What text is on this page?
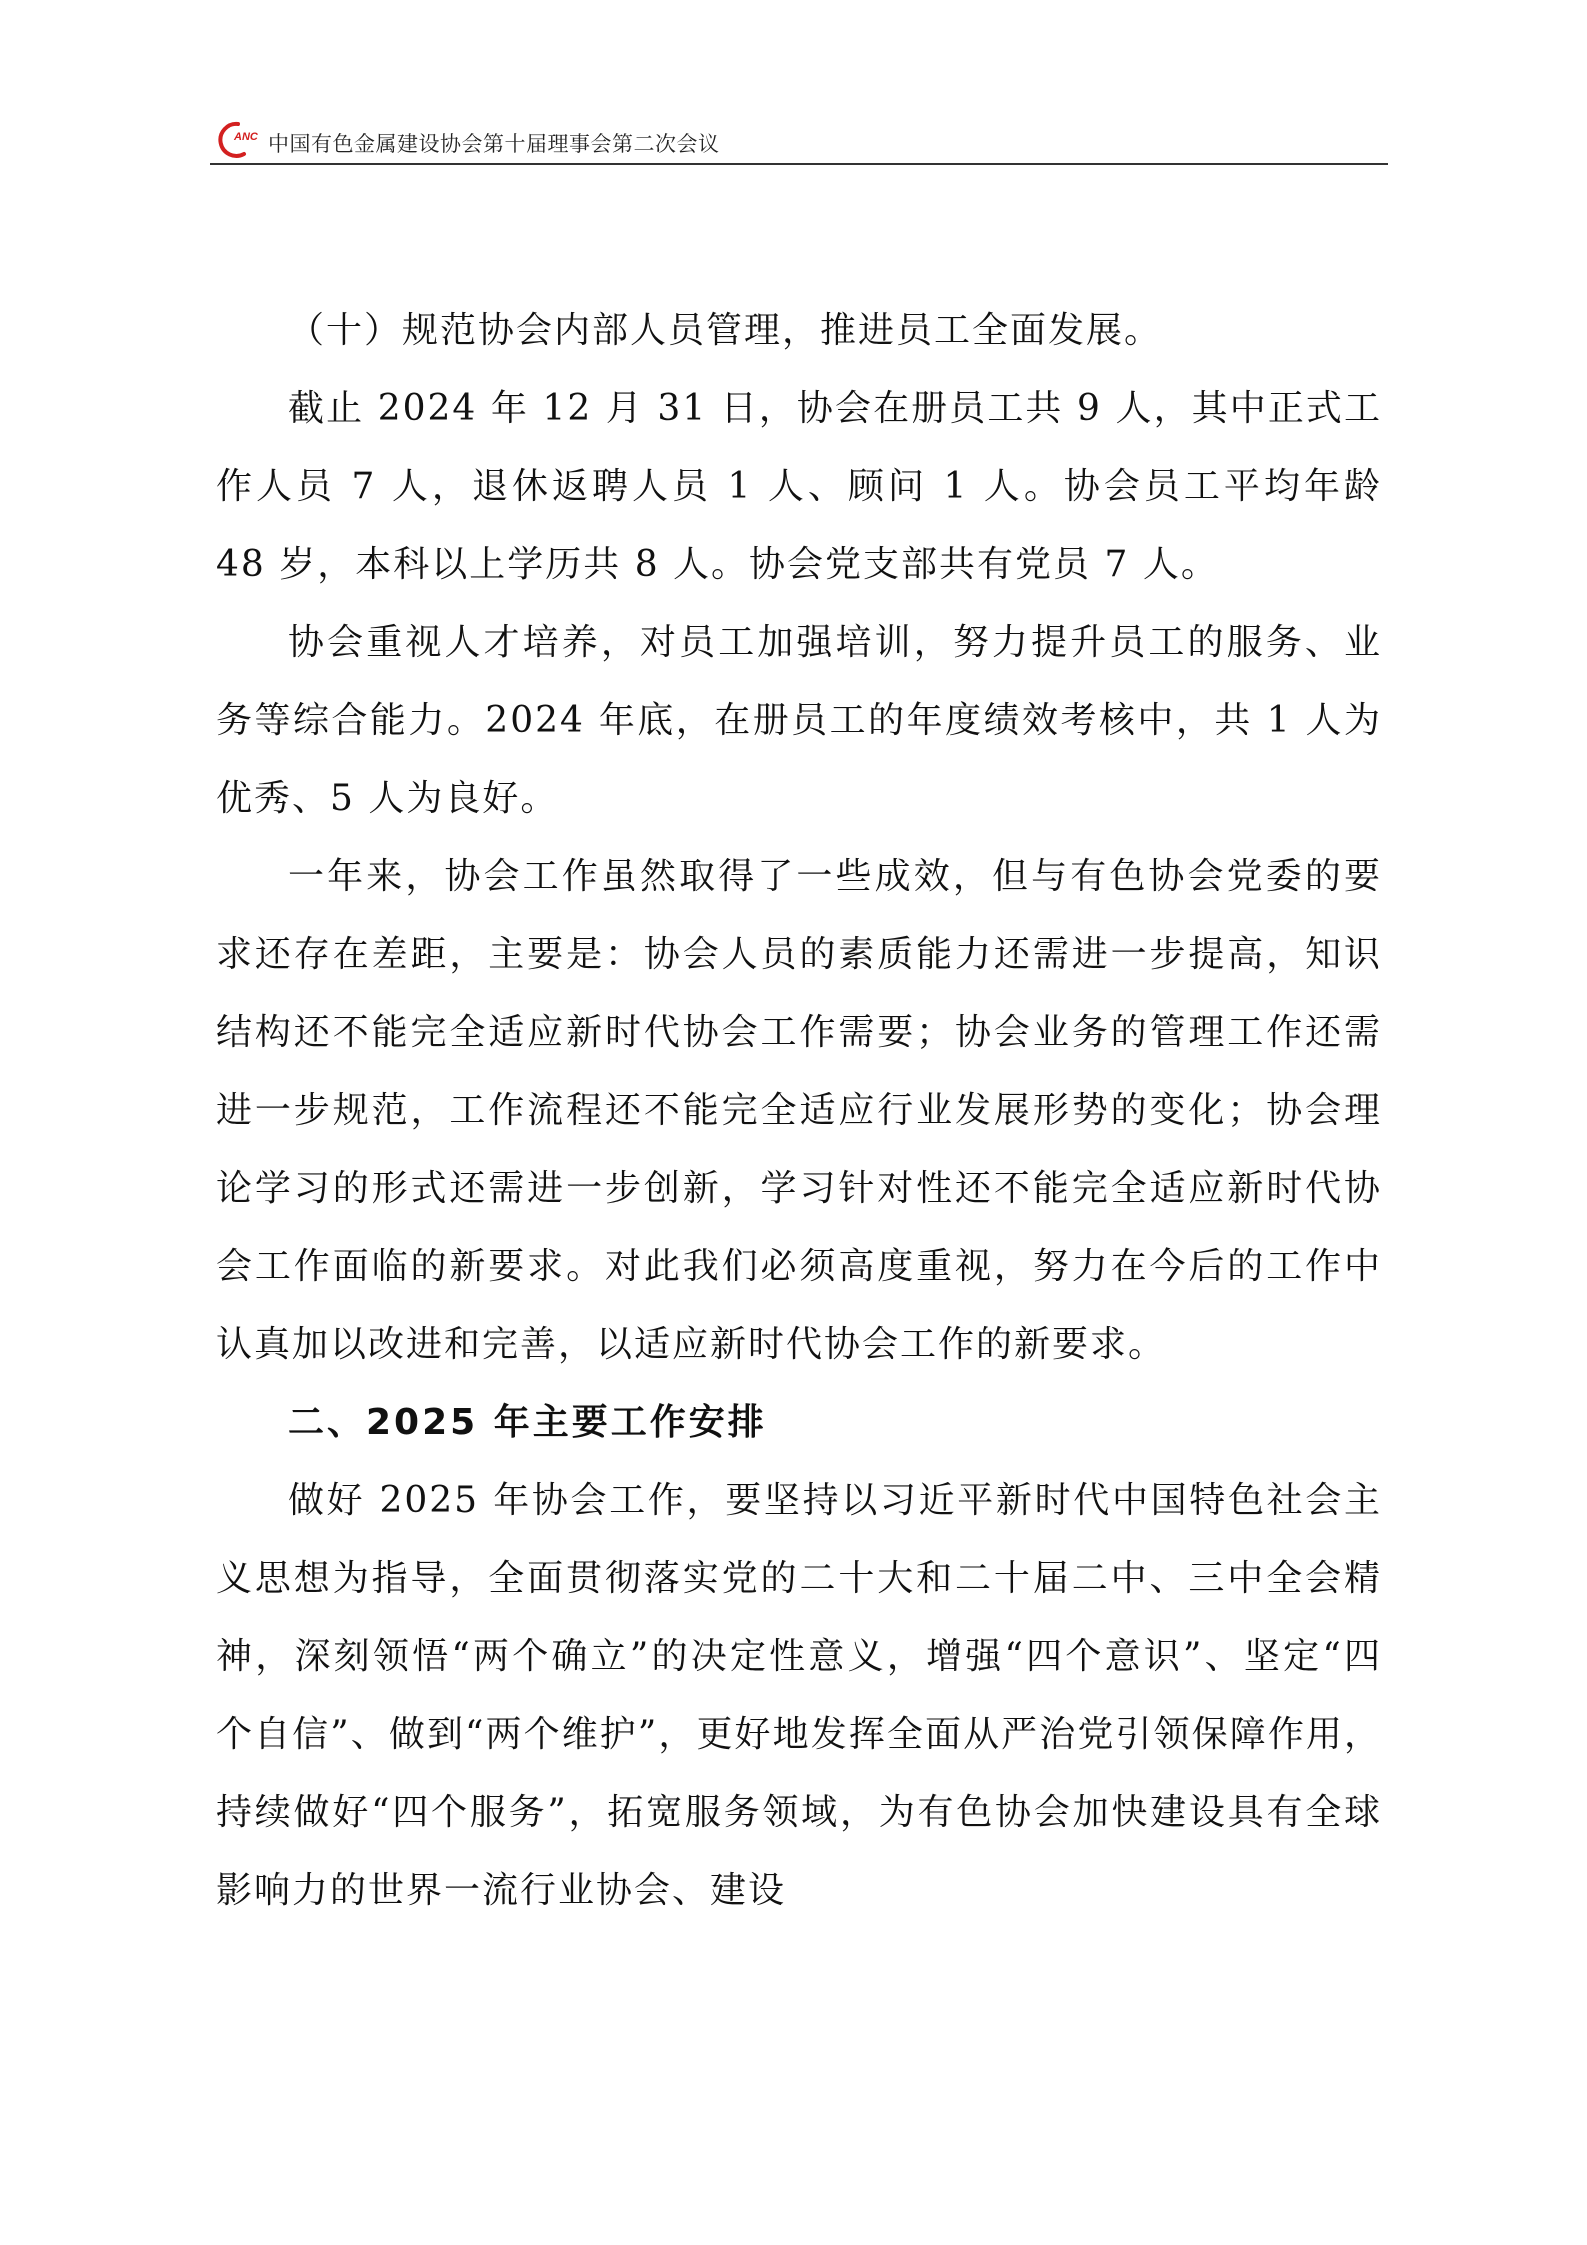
ANC 中国有色金属建设协会第十届理事会第二次会议

（十）规范协会内部人员管理，推进员工全面发展。

截止 2024 年 12 月 31 日，协会在册员工共 9 人，其中正式工作人员 7 人，退休返聘人员 1 人、顾问 1 人。协会员工平均年龄 48 岁，本科以上学历共 8 人。协会党支部共有党员 7 人。

协会重视人才培养，对员工加强培训，努力提升员工的服务、业务等综合能力。2024 年底，在册员工的年度绩效考核中，共 1 人为优秀、5 人为良好。

一年来，协会工作虽然取得了一些成效，但与有色协会党委的要求还存在差距，主要是：协会人员的素质能力还需进一步提高，知识结构还不能完全适应新时代协会工作需要；协会业务的管理工作还需进一步规范，工作流程还不能完全适应行业发展形势的变化；协会理论学习的形式还需进一步创新，学习针对性还不能完全适应新时代协会工作面临的新要求。对此我们必须高度重视，努力在今后的工作中认真加以改进和完善，以适应新时代协会工作的新要求。

二、2025 年主要工作安排

做好 2025 年协会工作，要坚持以习近平新时代中国特色社会主义思想为指导，全面贯彻落实党的二十大和二十届二中、三中全会精神，深刻领悟“两个确立”的决定性意义，增强“四个意识”、坚定“四个自信”、做到“两个维护”，更好地发挥全面从严治党引领保障作用，持续做好“四个服务”，拓宽服务领域，为有色协会加快建设具有全球影响力的世界一流行业协会、建设
